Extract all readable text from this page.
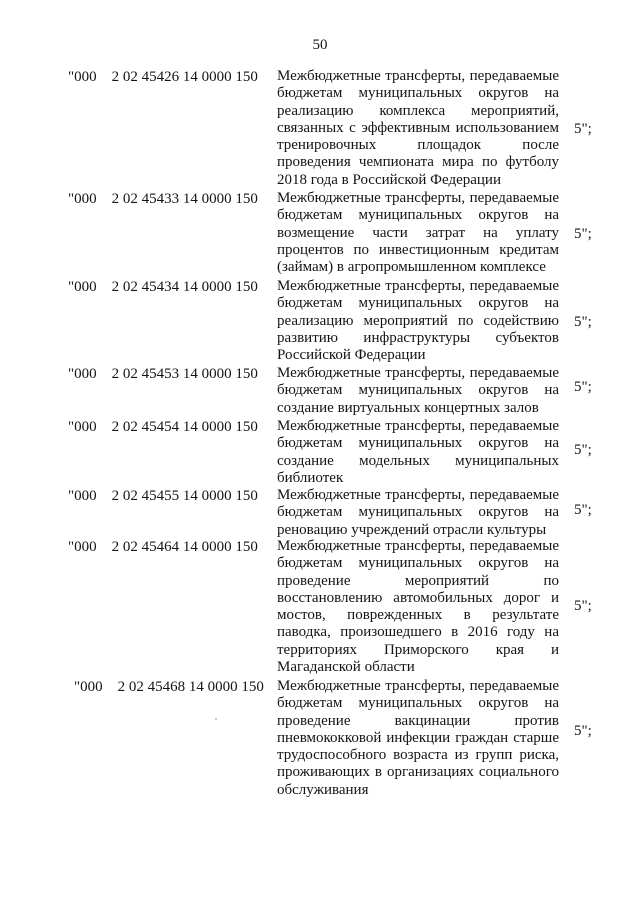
50
"000    2 02 45426 14 0000 150 Межбюджетные трансферты, передаваемые бюджетам муниципальных округов на реализацию комплекса мероприятий, связанных с эффективным использованием тренировочных площадок после проведения чемпионата мира по футболу 2018 года в Российской Федерации
5";
"000    2 02 45433 14 0000 150 Межбюджетные трансферты, передаваемые бюджетам муниципальных округов на возмещение части затрат на уплату процентов по инвестиционным кредитам (займам) в агропромышленном комплексе
5";
"000    2 02 45434 14 0000 150 Межбюджетные трансферты, передаваемые бюджетам муниципальных округов на реализацию мероприятий по содействию развитию инфраструктуры субъектов Российской Федерации
5";
"000    2 02 45453 14 0000 150 Межбюджетные трансферты, передаваемые бюджетам муниципальных округов на создание виртуальных концертных залов
5";
"000    2 02 45454 14 0000 150 Межбюджетные трансферты, передаваемые бюджетам муниципальных округов на создание модельных муниципальных библиотек
5";
"000    2 02 45455 14 0000 150 Межбюджетные трансферты, передаваемые бюджетам муниципальных округов на реновацию учреждений отрасли культуры
5";
"000    2 02 45464 14 0000 150 Межбюджетные трансферты, передаваемые бюджетам муниципальных округов на проведение мероприятий по восстановлению автомобильных дорог и мостов, поврежденных в результате паводка, произошедшего в 2016 году на территориях Приморского края и Магаданской области
5";
"000    2 02 45468 14 0000 150 Межбюджетные трансферты, передаваемые бюджетам муниципальных округов на проведение вакцинации против пневмококковой инфекции граждан старше трудоспособного возраста из групп риска, проживающих в организациях социального обслуживания
5";
